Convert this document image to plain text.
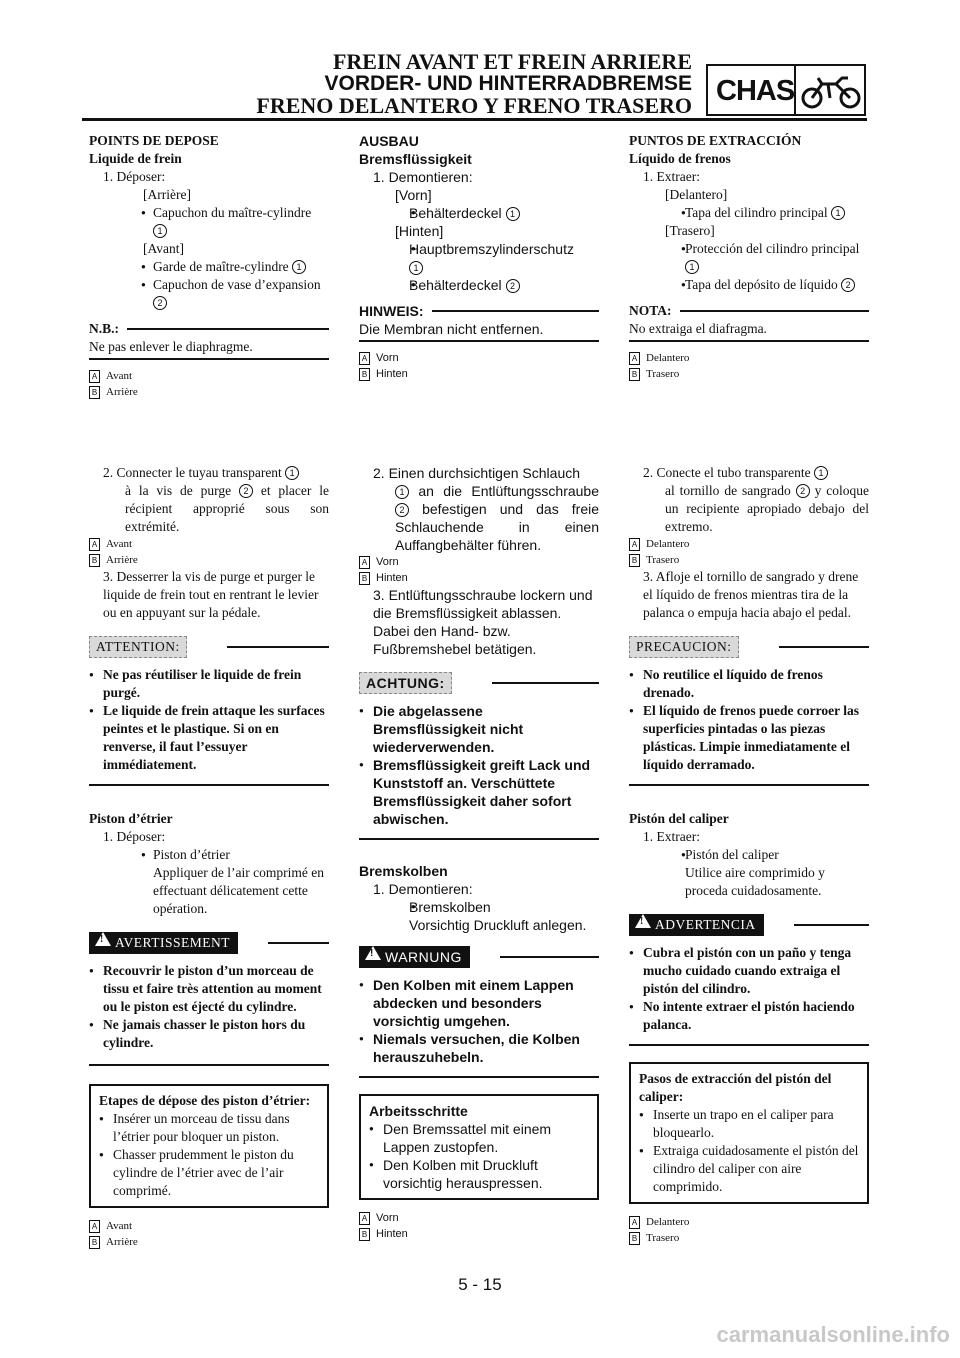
FREIN AVANT ET FREIN ARRIERE
VORDER- UND HINTERRADBREMSE
FRENO DELANTERO Y FRENO TRASERO CHAS
POINTS DE DEPOSE
Liquide de frein
1. Déposer:
[Arrière]
● Capuchon du maître-cylindre
1
[Avant]
● Garde de maître-cylindre 1
● Capuchon de vase d’expansion
2
N.B.:
Ne pas enlever le diaphragme.
A Avant
B Arrière
2. Connecter le tuyau transparent 1
à la vis de purge 2 et placer le récipient approprié sous son extrémité.
A Avant
B Arrière
3. Desserrer la vis de purge et purger le liquide de frein tout en rentrant le levier ou en appuyant sur la pédale.
ATTENTION:
● Ne pas réutiliser le liquide de frein purgé.
● Le liquide de frein attaque les surfaces peintes et le plastique. Si on en renverse, il faut l’essuyer immédiatement.
Piston d’étrier
1. Déposer:
● Piston d’étrier
Appliquer de l’air comprimé en effectuant délicatement cette opération.
! AVERTISSEMENT
● Recouvrir le piston d’un morceau de tissu et faire très attention au moment ou le piston est éjecté du cylindre.
● Ne jamais chasser le piston hors du cylindre.
Etapes de dépose des piston d’étrier:
● Insérer un morceau de tissu dans l’étrier pour bloquer un piston.
● Chasser prudemment le piston du cylindre de l’étrier avec de l’air comprimé.
A Avant
B Arrière
AUSBAU
Bremsflüssigkeit
1. Demontieren:
[Vorn]
● Behälterdeckel 1
[Hinten]
● Hauptbremszylinderschutz
1
● Behälterdeckel 2
HINWEIS:
Die Membran nicht entfernen.
A Vorn
B Hinten
2. Einen durchsichtigen Schlauch
1 an die Entlüftungsschraube 2 befestigen und das freie Schlauchende in einen Auffangbehälter führen.
A Vorn
B Hinten
3. Entlüftungsschraube lockern und die Bremsflüssigkeit ablassen. Dabei den Hand- bzw. Fußbremshebel betätigen.
ACHTUNG:
● Die abgelassene Bremsflüssigkeit nicht wiederverwenden.
● Bremsflüssigkeit greift Lack und Kunststoff an. Verschüttete Bremsflüssigkeit daher sofort abwischen.
Bremskolben
1. Demontieren:
● Bremskolben
Vorsichtig Druckluft anlegen.
! WARNUNG
● Den Kolben mit einem Lappen abdecken und besonders vorsichtig umgehen.
● Niemals versuchen, die Kolben herauszuhebeln.
Arbeitsschritte
● Den Bremssattel mit einem Lappen zustopfen.
● Den Kolben mit Druckluft vorsichtig herauspressen.
A Vorn
B Hinten
PUNTOS DE EXTRACCIÓN
Líquido de frenos
1. Extraer:
[Delantero]
● Tapa del cilindro principal 1
[Trasero]
● Protección del cilindro principal 1
● Tapa del depósito de líquido 2
NOTA:
No extraiga el diafragma.
A Delantero
B Trasero
2. Conecte el tubo transparente 1
al tornillo de sangrado 2 y coloque un recipiente apropiado debajo del extremo.
A Delantero
B Trasero
3. Afloje el tornillo de sangrado y drene el líquido de frenos mientras tira de la palanca o empuja hacia abajo el pedal.
PRECAUCION:
● No reutilice el líquido de frenos drenado.
● El líquido de frenos puede corroer las superficies pintadas o las piezas plásticas. Limpie inmediatamente el líquido derramado.
Pistón del caliper
1. Extraer:
● Pistón del caliper
Utilice aire comprimido y proceda cuidadosamente.
! ADVERTENCIA
● Cubra el pistón con un paño y tenga mucho cuidado cuando extraiga el pistón del cilindro.
● No intente extraer el pistón haciendo palanca.
Pasos de extracción del pistón del caliper:
● Inserte un trapo en el caliper para bloquearlo.
● Extraiga cuidadosamente el pistón del cilindro del caliper con aire comprimido.
A Delantero
B Trasero
5 - 15
carmanualsonline.info
